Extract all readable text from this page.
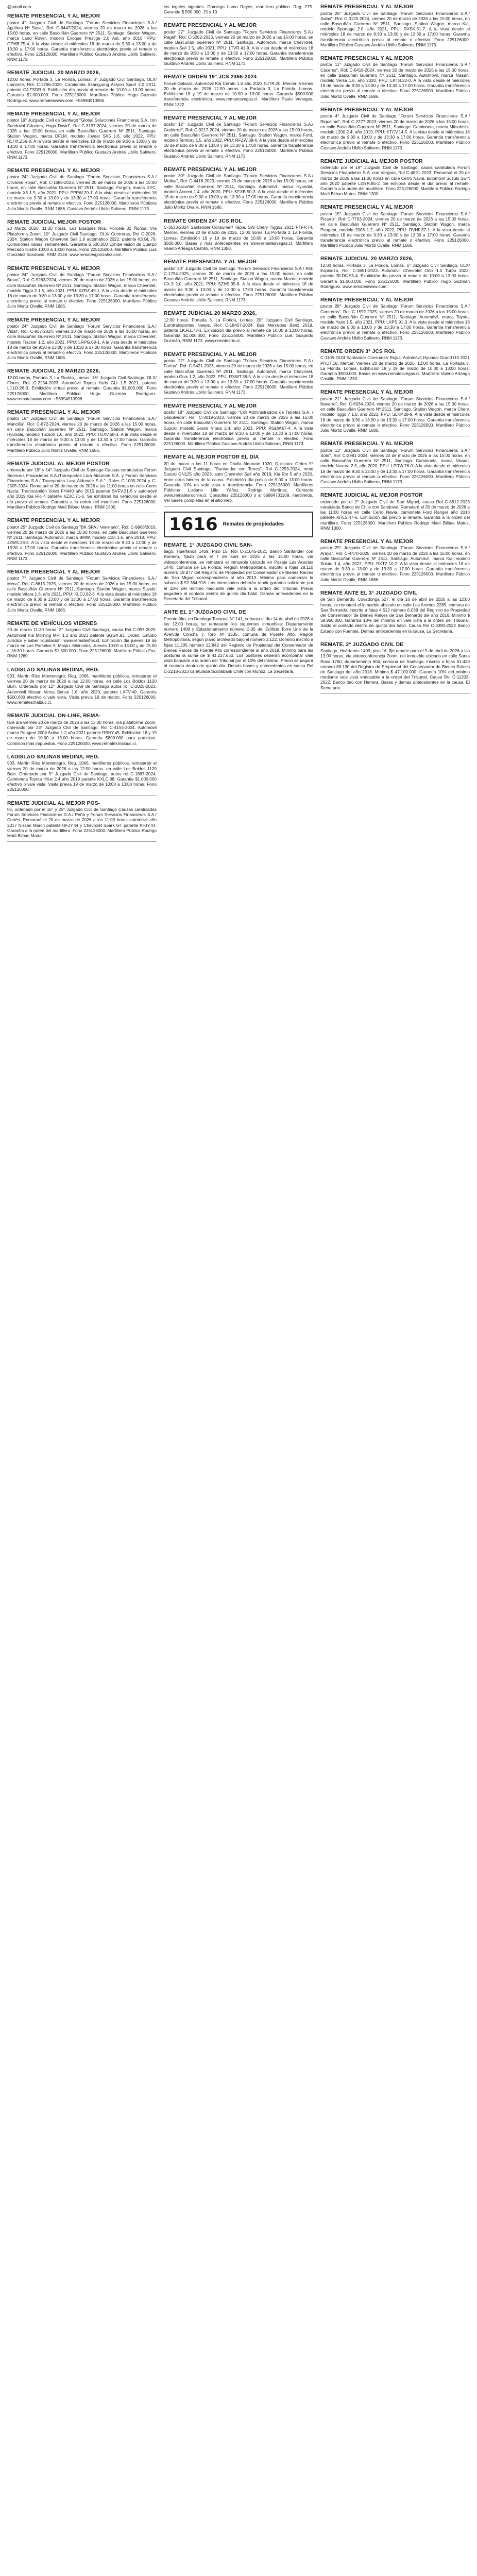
@pmail.com.
REMATE PRESENCIAL Y AL MEJOR
postor 4° Juzgado Civil de Santiago "Forum Servicios Financieros S.A./ Aguilera Nº Sosa", Rol: C-6447/2024, viernes 20 de marzo de 2026 a las 15:00 horas, en calle Bascuñán Guerrero Nº 2511, Santiago. Station Wagon, marca Land Rover, modelo Evoque Prestige 2.0 Aut, año 2016, PPU: GPHB.75-4. A la vista desde el miércoles 18 de marzo de 9:30 a 13:00 y de 13:30 a 17:00 horas. Garantía transferencia electrónica previo al remate o efectivo. Fono 225126000. Martillero Público Gustavo Andrés Ubillo Salinero, RNM 1173.
REMATE JUDICIAL 20 MARZO 2026,
12:00 horas, Portada 3, La Florida, Lomas. 8° Juzgado Civil Santiago, OLX/ Lamonte, Rol: C-2796-2020. Camioneta Ssangyong Actyon Sport 2.0 2011, patente CJ.FSDR-6. Exhibición día previo al remate de 10:00 a 13:00 horas. Garantía $1.000.000. Fono 225126000. Martillero Público Hugo Guzmán Rodríguez. www.remateswww.com. +56994910906.
REMATE PRESENCIAL Y AL MEJOR
postor 19° Juzgado Civil de Santiago "Global Soluciones Financieras S.A. con Sandoval Cáceres, Hugo David", Rol C-3197-2024, viernes 20 de marzo de 2026 a las 15:00 horas, en calle Bascuñán Guerrero Nº 2511, Santiago. Station Wagon, marca DFLM, modelo Joyear SX5 1.6, año 2022, PPU: RLHX.Z56-8. A la vista desde el miércoles 18 de marzo de 9:30 a 13:00 y de 13:30 a 17:00 horas. Garantía transferencia electrónica previo al remate o efectivo. Fono 225126000. Martillero Público Gustavo Andrés Ubillo Salinero, RNM 1173.
REMATE PRESENCIAL Y AL MEJOR
postor 24° Juzgado Civil de Santiago "Forum Servicios Financieros S.A./ Olivares Rojas", Rol: C-1688-2023, viernes 20 de marzo de 2026 a las 15:00 horas, en calle Bascuñán Guerrero Nº 2511, Santiago. Furgón, marca KYC, modelo X5 1.5, año 2021, PPU: PPPW.20-1. A la vista desde el miércoles 18 de marzo de 9:30 a 13:00 y de 13:30 a 17:00 horas. Garantía transferencia electrónica previo al remate o efectivo. Fono 225126000. Martilleros Públicos Julio Mortiz Ovalle, RNM 1686; Gustavo Andrés Ubillo Salinero, RNM 1173.
REMATE JUDICIAL MEJOR POSTOR
20 Marzo 2026, 11:30 horas. Los Bosques Nos. Porcelá 32 Ñuñoa. Vía Plataforma Zoom. 10° Juzgado Civil Santiago, OLX/ Contreras, Rol C-2026-2024. Station Wagon Chevrolet Sail 1.8 automático 2022, patente KXGL.79. Comisiones varias, remanentes. Garantía $ 500.000 Exhibe visión de Cuerpo Mercado Ilustre 10:00 a 13:00 horas. Fono 225126000. Martillero Público Luis González Sandoval, RNM 2146. www.rematesgonzalez.com.
REMATE PRESENCIAL Y AL MEJOR
postor 24° Juzgado Civil de Santiago "Forum Servicios Financieros S.A./ Bravo", Rol: C-5263/2024, viernes 20 de marzo de 2026 a las 15:00 horas, en calle Bascuñán Guerrero Nº 2511, Santiago. Station Wagon, marca Chevrolet, modelo Tiggo 2 1.5, año 2021, PPU: XZRZ.49-1. A la vista desde el miércoles 18 de marzo de 9:30 a 13:00 y de 13:30 a 17:00 horas. Garantía transferencia electrónica previo al remate o efectivo. Fono 225126000. Martillero Público Julio Mortiz Ovalle, RNM 1686.
REMATE PRESENCIAL Y AL MEJOR
postor 24° Juzgado Civil de Santiago "Forum Servicios Financieros S.A./ Vidal", Rol: C-867-2024, viernes 20 de marzo de 2026 a las 15:00 horas, en calle Bascuñán Guerrero Nº 2511, Santiago. Station Wagon, marca Chevrolet, modelo Tracker 1.2, año 2021, PPU: LRPG.69-1. A la vista desde el miércoles 18 de marzo de 9:30 a 13:00 y de 13:30 a 17:00 horas. Garantía transferencia electrónica previo al remate o efectivo. Fono 225126000. Martilleros Públicos Julio Mortiz Ovalle, RNM 1686.
REMATE JUDICIAL 20 MARZO 2026,
12:00 horas, Portada 3, La Florida, Lomas. 16° Juzgado Civil Santiago, OLX/ Flores, Rol: C-2254-2023. Automóvil Toyota Yaris GLI 1.5 2021, patente LJ.LD.26-3. Exhibición virtual previo al remate. Garantía $1.000.000. Fono 225126000. Martillero Público Hugo Guzmán Rodríguez. www.remateswww.com. +56994910906.
REMATE PRESENCIAL Y AL MEJOR
postor 16° Juzgado Civil de Santiago "Forum Servicios Financieros S.A./ Mancilla", Rol: C-872-2024, viernes 20 de marzo de 2026 a las 15:00 horas, en calle Bascuñán Guerrero Nº 2511, Santiago. Station Wagon, marca Hyundai, modelo Tucson 1.6, año 2022, PPU: TUXV.68-3. A la vista desde el miércoles 18 de marzo de 9:30 a 13:00 y de 13:30 a 17:00 horas. Garantía transferencia electrónica previo al remate o efectivo. Fono 225126000. Martillero Público Julio Mortiz Ovalle, RNM 1686.
REMATE JUDICIAL AL MEJOR POSTOR
ordenado por 18° y 14° Juzgado Civil de Santiago Causas caratuladas Forum Servicios Financieros S.A./Transportes Lara Aldunate S.A. y Forum Servicios Financieros S.A./ Transportes Lara Aldunate S.A.", Roles C-1005-2024 y C-2505-2024. Remataré el 20 de marzo de 2026 a las 11:00 horas en calle Cerro Navia: Tractocamión Volvo FH440 año 2015 patente SVFV.31-5 y automóvil año 2019 Kia Rio 4 patente KZJC.71-6. Se exhibirán los vehículos desde el día previo al remate. Garantía a la orden del martillero. Fono 225126000. Martillero Público Rodrigo Matti Bilbao Matus, RNM 1300.
REMATE PRESENCIAL Y AL MEJOR
postor 25° Juzgado Civil de Santiago "BK SPA / Veneiano", Rol: C-9908/2016, viernes 20 de marzo de 2026 a las 15:00 horas, en calle Bascuñán Guerrero Nº 2511, Santiago. Automóvil, marca BMW, modelo 118i 1.5, año 2018, PPU: JZWS.28-3. A la vista desde el miércoles 18 de marzo de 9:30 a 13:00 y de 13:30 a 17:00 horas. Garantía transferencia electrónica previo al remate o efectivo. Fono 225126000. Martillero Público Gustavo Andrés Ubillo Salinero, RNM 1173.
REMATE PRESENCIAL Y AL MEJOR
postor 7° Juzgado Civil de Santiago "Forum Servicios Financieros S.A./ Mena", Rol: C-8613-2025, viernes 20 de marzo de 2026 a las 15:00 horas, en calle Bascuñán Guerrero Nº 2511, Santiago. Station Wagon, marca Suzuki, modelo Vitara 1.6, año 2021, PPU: KLDJ.62-3. A la vista desde el miércoles 18 de marzo de 9:30 a 13:00 y de 13:30 a 17:00 horas. Garantía transferencia electrónica previo al remate o efectivo. Fono 225126000. Martillero Público Julio Mortiz Ovalle, RNM 1686.
REMATE DE VEHÍCULOS VIERNES
20 de marzo 11:30 horas. 2° Juzgado Civil Santiago, causa Rol C-997-2025. Automóvil Kia Morning MPI 1.2 año 2023 patente SGGX.93. Orden: Estudio Jurídico y saber liquidación: www.rematesfox.cl. Exhibición día jueves 19 de marzo en Las Parcelas 9, Maipú. Miércoles, Jueves 10:00 a 13:00 y de 15:00 a 16:30 horas. Garantía $1.500.000. Fono 225126000. Martillero Público Fox, RNM 1260.
LADISLAO SALINAS MEDINA, REG.
903, Martín Ríos Montenegro, Reg. 1966, martilleros públicos, rematarán el viernes 20 de marzo de 2026 a las 12:00 horas, en calle Los Boldos 1120 Buin. Ordenado por 12° Juzgado Civil de Santiago autos rol C-2025-2023. Automóvil Nissan Versa Sense 1.6, año 2020, patente LXFV.40. Garantía $500.000 efectivo o vale vista. Visita previa 19 de marzo. Fono 225126000. www.rematesmalbuc.cl.
REMATE JUDICIAL ON-LINE, REMA-
taré día viernes 20 de marzo de 2026 a las 13:00 horas, vía plataforma Zoom, ordenado por 23° Juzgado Civil de Santiago, Rol C-4155-2024. Automóvil marca Peugeot 2008 Active 1.2 año 2021 patente RBHY.45. Exhibición 18 y 19 de marzo de 10:00 a 13:00 horas. Garantía $800.000 para participar. Comisión más impuestos. Fono 225126000. www.rematesmalbuc.cl.
LADISLAO SALINAS MEDINA, REG.
903, Martín Ríos Montenegro, Reg. 1966, martilleros públicos, rematarán el viernes 20 de marzo de 2026 a las 12:00 horas, en calle Los Boldos 1120 Buin. Ordenado por 5° Juzgado Civil de Santiago, autos rol C-1887-2024. Camioneta Toyota Hilux 2.4 año 2019 patente KXLC.88. Garantía $1.000.000 efectivo o vale vista. Visita previa 19 de marzo de 10:00 a 13:00 horas. Fono 225126000.
REMATE JUDICIAL AL MEJOR POS-
tor, ordenado por el 16° y 25° Juzgado Civil de Santiago Causas caratuladas Forum Servicios Financieros S.A./ Peña y Forum Servicios Financieros S.A./ Cortés. Remataré el 20 de marzo de 2026 a las 11:00 horas automóvil año 2017 Nissan March patente HFJY.44 y Chevrolet Spark GT patente KFJY.44. Garantía a la orden del martillero. Fono 225126000. Martillero Público Rodrigo Matti Bilbao Matus.
los legales vigentes. Domingo Lama Reyes, martillero público. Reg. 275. Garantía $ 500.000. 15 y 19.
REMATE PRESENCIAL Y AL MEJOR
postor 27° Juzgado Civil de Santiago "Forum Servicios Financieros S.A./ Ragel", Rol: C-5282-2023, viernes 20 de marzo de 2026 a las 15:00 horas, en calle Bascuñán Guerrero Nº 2511, Santiago. Automóvil, marca Chevrolet, modelo Sail 1.5, año 2021, PPU: LTVR.41-9. A la vista desde el miércoles 18 de marzo de 9:30 a 13:00 y de 13:30 a 17:00 horas. Garantía transferencia electrónica previo al remate o efectivo. Fono 225126000. Martillero Público Gustavo Andrés Ubillo Salinero, RNM 1173.
REMATE ORDEN 19° JCS 2366-2024
Forum-Galarza. Automóvil Kia Cerato 1.6 año 2023 SJTR.20. Mercer. Viernes 20 de marzo de 2026 12:00 horas. La Portada 3, La Florida, Lomas. Exhibición 18 y 19 de marzo de 10:00 a 13:00 horas. Garantía $500.000 transferencia electrónica. www.rematesvegas.cl. Martillero Paulo Venegas, RNM 1322.
REMATE PRESENCIAL Y AL MEJOR
postor 12° Juzgado Civil de Santiago "Forum Servicios Financieros S.A./ Gutiérrez", Rol: C-9217-2024, viernes 20 de marzo de 2026 a las 15:00 horas, en calle Bascuñán Guerrero Nº 2511, Santiago. Station Wagon, marca Ford, modelo Territory 1.5, año 2022, PPU: RFZW.39-6. A la vista desde el miércoles 18 de marzo de 9:30 a 13:00 y de 13:30 a 17:00 horas. Garantía transferencia electrónica previo al remate o efectivo. Fono 225126000. Martillero Público Gustavo Andrés Ubillo Salinero, RNM 1173.
REMATE PRESENCIAL Y AL MEJOR
postor 30° Juzgado Civil de Santiago "Forum Servicios Financieros S.A./ Molina", Rol: C-4416-2023, viernes 20 de marzo de 2026 a las 15:00 horas, en calle Bascuñán Guerrero Nº 2511, Santiago. Automóvil, marca Hyundai, modelo Accent 1.4, año 2020, PPU: KFXB.50-3. A la vista desde el miércoles 18 de marzo de 9:30 a 13:00 y de 13:30 a 17:00 horas. Garantía transferencia electrónica previo al remate o efectivo. Fono 225126000. Martillero Público Julio Mortiz Ovalle, RNM 1686.
REMATE ORDEN 24° JCS ROL
C-3533-2024 Santander Consumer/ Tapia. SW Chery Tiggo2 2021 PTFP.74. Mercer. Viernes 20 de marzo de 2026, 12:00 horas. La Portada 3, La Florida, Lomas. Exhibición 18 y 19 de marzo de 10:00 a 13:00 horas. Garantía $500.000. Bases y más antecedentes en www.rematesvegas.cl. Martillero Valerio Arteaga Castillo, RNM 1350.
REMATE PRESENCIAL Y AL MEJOR
postor 20° Juzgado Civil de Santiago "Forum Servicios Financieros S.A./ Rol: C-1754-2025, viernes 20 de marzo de 2026 a las 15:00 horas, en calle Bascuñán Guerrero Nº 2511, Santiago. Station Wagon, marca Mazda, modelo CX-3 2.0, año 2021, PPU: SZHS.35-8. A la vista desde el miércoles 18 de marzo de 9:30 a 13:00 y de 13:30 a 17:00 horas. Garantía transferencia electrónica previo al remate o efectivo. Fono 225126000. Martillero Público Gustavo Andrés Ubillo Salinero, RNM 1173.
REMATE JUDICIAL 20 MARZO 2026,
12:00 horas. Portada 3, La Florida, Lomas. 20° Juzgado Civil Santiago, Eurotransportes Neeps, Rol: C-18467-2024. Bus Mercedes Benz 2019, patente LK.RZ.73-1. Exhibición día previo al remate de 10:00 a 13:00 horas. Garantía $1.000.000. Fono 225126000. Martillero Público Luis Guajardo Guzmán, RNM 1173. www.rematesrtc.cl.
REMATE PRESENCIAL Y AL MEJOR
postor 22° Juzgado Civil de Santiago "Forum Servicios Financieros S.A./ Farías", Rol: C-5421-2023, viernes 20 de marzo de 2026 a las 15:00 horas, en calle Bascuñán Guerrero Nº 2511, Santiago. Automóvil, marca Chevrolet, modelo Onix 1.2, año 2022, PPU: RXWT.38-5. A la vista desde el miércoles 18 de marzo de 9:30 a 13:00 y de 13:30 a 17:00 horas. Garantía transferencia electrónica previo al remate o efectivo. Fono 225126000. Martillero Público Gustavo Andrés Ubillo Salinero, RNM 1173.
REMATE PRESENCIAL Y AL MEJOR
postor 18° Juzgado Civil de Santiago "Coll Administradora de Tarjetas S.A. / Sepúlveda", Rol: C-3019-2023, viernes 20 de marzo de 2026 a las 15:00 horas, en calle Bascuñán Guerrero Nº 2511, Santiago. Station Wagon, marca Suzuki, modelo Grand Vitara 2.4, año 2021, PPU: RGLW.67-4. A la vista desde el miércoles 18 de marzo de 9:30 a 13:00 y de 13:30 a 17:00 horas. Garantía transferencia electrónica previo al remate o efectivo. Fono 225126000. Martillero Público Gustavo Andrés Ubillo Salinero, RNM 1173.
REMATE AL MEJOR POSTOR EL DÍA
20 de marzo a las 11 horas en Dávila Aldunate 1020, Quilicura. Orden 9° Juzgado Civil Santiago, "Santander con Torres", Rol C-2253-2024, moto Suzuki GN125 año 2023; auto Chevrolet Sail año 2019; Kia Rio 5 año 2020, entre otros bienes de la causa. Exhibición día previo de 9:00 a 13:00 horas. Garantía 10% en vale vista o transferencia. Fono 225126000. Martilleros Públicos Luciano Lillo Yáñez, Rodrigo Martínez. Contacto www.rematesrochile.cl. Consultas 225126000 o al 56984731109, martilleros. Ver bases completas en el sitio web.
1616 Remates de propiedades
REMATE. 1° JUZGADO CIVIL SAN-
tiago, Huérfanos 1409, Piso 15, Rol C-21645-2021 Banco Santander con Romero, fijado para el 7 de abril de 2026 a las 15:00 horas, vía videoconferencia, se rematará el inmueble ubicado en Pasaje Las Acacias 1440, comuna de La Florida, Región Metropolitana, inscrito a fojas 28.110 número 19.877 del Registro de Propiedad del Conservador de Bienes Raíces de San Miguel correspondiente al año 2013. Mínimo para comenzar la subasta $ 52.364.918. Los interesados deberán rendir garantía suficiente por el 10% del mínimo mediante vale vista a la orden del Tribunal. Precio pagadero al contado dentro de quinto día hábil. Demás antecedentes en la Secretaría del Tribunal.
ANTE EL 1° JUZGADO CIVIL DE
Puente Alto, en Domingo Tocornal Nº 141, subasta el día 14 de abril de 2026 a las 12:00 horas, se rematarán los siguientes inmuebles: Departamento número 1408 y Estacionamiento número E-35 del Edificio Torre Uno de la Avenida Concha y Toro Nº 1535, comuna de Puente Alto, Región Metropolitana, según plano archivado bajo el número 3.122. Dominio inscrito a fojas 11.205 número 12.842 del Registro de Propiedad del Conservador de Bienes Raíces de Puente Alto correspondiente al año 2019. Mínimo para las posturas la suma de $ 41.227.650. Los postores deberán acompañar vale vista bancario a la orden del Tribunal por el 10% del mínimo. Precio se pagará al contado dentro de quinto día. Demás bases y antecedentes en causa Rol C-2218-2023 caratulada Scotiabank Chile con Muñoz. La Secretaria.
REMATE PRESENCIAL Y AL MEJOR
postor 26° Juzgado Civil de Santiago "Forum Servicios Financieros S.A./ Salas", Rol: C-3120-2024, viernes 20 de marzo de 2026 a las 15:00 horas, en calle Bascuñán Guerrero Nº 2511, Santiago. Station Wagon, marca Kia, modelo Sportage 2.0, año 2021, PPU: RXSK.61-7. A la vista desde el miércoles 18 de marzo de 9:30 a 13:00 y de 13:30 a 17:00 horas. Garantía transferencia electrónica previo al remate o efectivo. Fono 225126000. Martillero Público Gustavo Andrés Ubillo Salinero, RNM 1173.
REMATE PRESENCIAL Y AL MEJOR
postor 11° Juzgado Civil de Santiago "Forum Servicios Financieros S.A./ Cáceres", Rol: C-6418-2024, viernes 20 de marzo de 2026 a las 15:00 horas, en calle Bascuñán Guerrero Nº 2511, Santiago. Automóvil, marca Nissan, modelo Versa 1.6, año 2020, PPU: LKTB.22-0. A la vista desde el miércoles 18 de marzo de 9:30 a 13:00 y de 13:30 a 17:00 horas. Garantía transferencia electrónica previo al remate o efectivo. Fono 225126000. Martillero Público Julio Mortiz Ovalle, RNM 1686.
REMATE PRESENCIAL Y AL MEJOR
postor 4° Juzgado Civil de Santiago "Forum Servicios Financieros S.A./ Riquelme", Rol: C-2277-2023, viernes 20 de marzo de 2026 a las 15:00 horas, en calle Bascuñán Guerrero Nº 2511, Santiago. Camioneta, marca Mitsubishi, modelo L200 2.4, año 2019, PPU: KTCV.14-5. A la vista desde el miércoles 18 de marzo de 9:30 a 13:00 y de 13:30 a 17:00 horas. Garantía transferencia electrónica previo al remate o efectivo. Fono 225126000. Martillero Público Gustavo Andrés Ubillo Salinero, RNM 1173.
REMATE JUDICIAL AL MEJOR POSTOR
ordenado por el 19° Juzgado Civil de Santiago, causa caratulada Forum Servicios Financieros S.A. con Vergara, Rol C-4821-2023. Remataré el 20 de marzo de 2026 a las 11:00 horas en calle Cerro Navia, automóvil Suzuki Swift año 2020 patente LGYR.85-2. Se exhibirá desde el día previo al remate. Garantía a la orden del martillero. Fono 225126000. Martillero Público Rodrigo Matti Bilbao Matus, RNM 1300.
REMATE PRESENCIAL Y AL MEJOR
postor 15° Juzgado Civil de Santiago "Forum Servicios Financieros S.A./ Pizarro", Rol: C-7703-2024, viernes 20 de marzo de 2026 a las 15:00 horas, en calle Bascuñán Guerrero Nº 2511, Santiago. Station Wagon, marca Peugeot, modelo 2008 1.2, año 2022, PPU: RVHF.37-1. A la vista desde el miércoles 18 de marzo de 9:30 a 13:00 y de 13:30 a 17:00 horas. Garantía transferencia electrónica previo al remate o efectivo. Fono 225126000. Martillero Público Julio Mortiz Ovalle, RNM 1686.
REMATE JUDICIAL 20 MARZO 2026,
12:00 horas. Portada 3, La Florida, Lomas. 6° Juzgado Civil Santiago, OLX/ Espinoza, Rol: C-3651-2023. Automóvil Chevrolet Onix 1.0 Turbo 2022, patente RLDC.55-4. Exhibición día previo al remate de 10:00 a 13:00 horas. Garantía $1.000.000. Fono 225126000. Martillero Público Hugo Guzmán Rodríguez. www.remateswww.com.
REMATE PRESENCIAL Y AL MEJOR
postor 28° Juzgado Civil de Santiago "Forum Servicios Financieros S.A./ Contreras", Rol: C-1592-2025, viernes 20 de marzo de 2026 a las 15:00 horas, en calle Bascuñán Guerrero Nº 2511, Santiago. Automóvil, marca Toyota, modelo Yaris 1.5, año 2021, PPU: LXPS.91-3. A la vista desde el miércoles 18 de marzo de 9:30 a 13:00 y de 13:30 a 17:00 horas. Garantía transferencia electrónica previo al remate o efectivo. Fono 225126000. Martillero Público Gustavo Andrés Ubillo Salinero, RNM 1173.
REMATE ORDEN 3° JCS ROL
C-1105-2024 Santander Consumer/ Rojas. Automóvil Hyundai Grand i10 2021 PHDT.18. Mercer. Viernes 20 de marzo de 2026, 12:00 horas. La Portada 3, La Florida, Lomas. Exhibición 18 y 19 de marzo de 10:00 a 13:00 horas. Garantía $500.000. Bases en www.rematesvegas.cl. Martillero Valerio Arteaga Castillo, RNM 1350.
REMATE PRESENCIAL Y AL MEJOR
postor 21° Juzgado Civil de Santiago "Forum Servicios Financieros S.A./ Navarro", Rol: C-6034-2024, viernes 20 de marzo de 2026 a las 15:00 horas, en calle Bascuñán Guerrero Nº 2511, Santiago. Station Wagon, marca Chery, modelo Tiggo 7 1.5, año 2023, PPU: SLKP.28-9. A la vista desde el miércoles 18 de marzo de 9:30 a 13:00 y de 13:30 a 17:00 horas. Garantía transferencia electrónica previo al remate o efectivo. Fono 225126000. Martillero Público Julio Mortiz Ovalle, RNM 1686.
REMATE PRESENCIAL Y AL MEJOR
postor 13° Juzgado Civil de Santiago "Forum Servicios Financieros S.A./ Soto", Rol: C-2981-2024, viernes 20 de marzo de 2026 a las 15:00 horas, en calle Bascuñán Guerrero Nº 2511, Santiago. Camioneta, marca Nissan, modelo Navara 2.3, año 2020, PPU: LPRW.76-0. A la vista desde el miércoles 18 de marzo de 9:30 a 13:00 y de 13:30 a 17:00 horas. Garantía transferencia electrónica previo al remate o efectivo. Fono 225126000. Martillero Público Gustavo Andrés Ubillo Salinero, RNM 1173.
REMATE JUDICIAL AL MEJOR POSTOR
ordenado por el 2° Juzgado Civil de San Miguel, causa Rol C-8812-2023 caratulada Banco de Chile con Sandoval. Remataré el 20 de marzo de 2026 a las 11:00 horas en calle Cerro Navia, camioneta Ford Ranger año 2018 patente KHLS.47-6. Exhibición día previo al remate. Garantía a la orden del martillero. Fono 225126000. Martillero Público Rodrigo Matti Bilbao Matus, RNM 1300.
REMATE PRESENCIAL Y AL MEJOR
postor 29° Juzgado Civil de Santiago "Forum Servicios Financieros S.A./ Araya", Rol: C-4470-2025, viernes 20 de marzo de 2026 a las 15:00 horas, en calle Bascuñán Guerrero Nº 2511, Santiago. Automóvil, marca Kia, modelo Soluto 1.4, año 2022, PPU: RKTZ.10-2. A la vista desde el miércoles 18 de marzo de 9:30 a 13:00 y de 13:30 a 17:00 horas. Garantía transferencia electrónica previo al remate o efectivo. Fono 225126000. Martillero Público Julio Mortiz Ovalle, RNM 1686.
REMATE ANTE EL 3° JUZGADO CIVIL
de San Bernardo, Covadonga 527, el día 16 de abril de 2026 a las 12:00 horas, se rematará el inmueble ubicado en calle Los Aromos 2285, comuna de San Bernardo, inscrito a fojas 4.512 número 6.038 del Registro de Propiedad del Conservador de Bienes Raíces de San Bernardo del año 2016. Mínimo $ 38.950.000. Garantía 10% del mínimo en vale vista a la orden del Tribunal. Saldo al contado dentro de quinto día hábil. Causa Rol C-3390-2022 Banco Estado con Fuentes. Demás antecedentes en la causa. La Secretaria.
REMATE. 2° JUZGADO CIVIL DE
Santiago, Huérfanos 1409, piso 16, fijó remate para el 9 de abril de 2026 a las 13:00 horas, vía videoconferencia Zoom, del inmueble ubicado en calle Santa Rosa 1760, departamento 604, comuna de Santiago, inscrito a fojas 61.420 número 88.130 del Registro de Propiedad del Conservador de Bienes Raíces de Santiago del año 2018. Mínimo $ 47.100.000. Garantía 10% del mínimo mediante vale vista endosable a la orden del Tribunal. Causa Rol C-11203-2022, Banco Itaú con Herrera. Bases y demás antecedentes en la causa. El Secretario.
